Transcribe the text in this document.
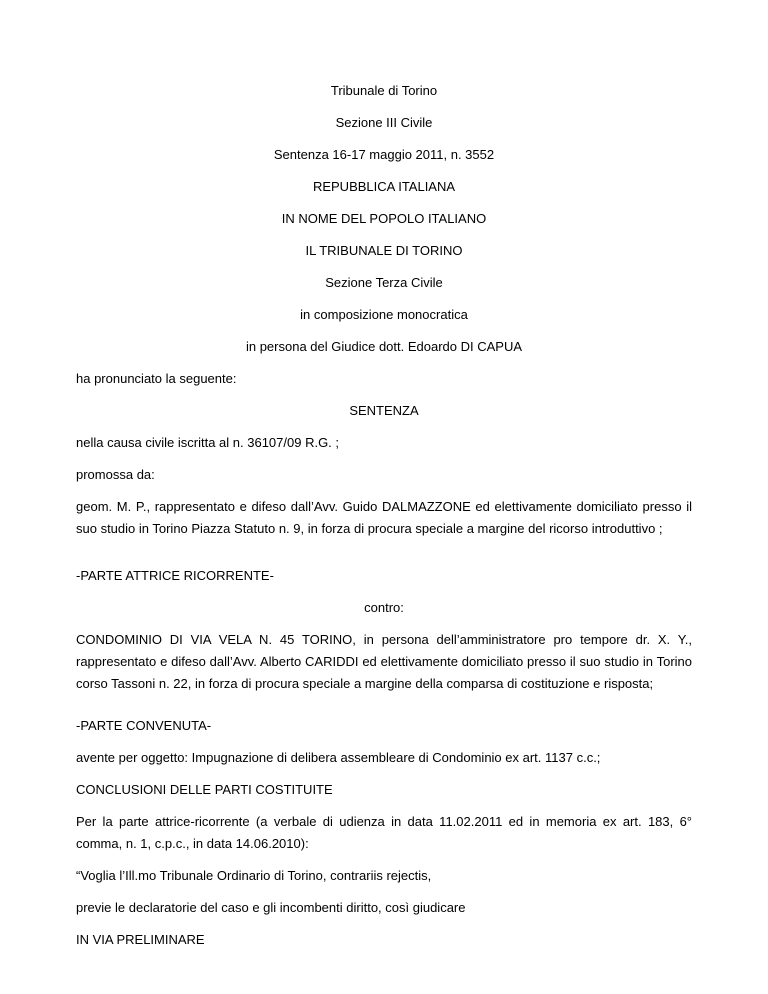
Tribunale di Torino
Sezione III Civile
Sentenza 16-17 maggio 2011, n. 3552
REPUBBLICA ITALIANA
IN NOME DEL POPOLO ITALIANO
IL TRIBUNALE DI TORINO
Sezione Terza Civile
in composizione monocratica
in persona del Giudice dott. Edoardo DI CAPUA
ha pronunciato la seguente:
SENTENZA
nella causa civile iscritta al n. 36107/09 R.G. ;
promossa da:
geom. M. P., rappresentato e difeso dall’Avv. Guido DALMAZZONE ed elettivamente domiciliato presso il suo studio in Torino Piazza Statuto n. 9, in forza di procura speciale a margine del ricorso introduttivo ;
-PARTE ATTRICE RICORRENTE-
contro:
CONDOMINIO DI VIA VELA N. 45 TORINO, in persona dell’amministratore pro tempore dr. X. Y., rappresentato e difeso dall’Avv. Alberto CARIDDI ed elettivamente domiciliato presso il suo studio in Torino corso Tassoni n. 22, in forza di procura speciale a margine della comparsa di costituzione e risposta;
-PARTE CONVENUTA-
avente per oggetto: Impugnazione di delibera assembleare di Condominio ex art. 1137 c.c.;
CONCLUSIONI DELLE PARTI COSTITUITE
Per la parte attrice-ricorrente (a verbale di udienza in data 11.02.2011 ed in memoria ex art. 183, 6° comma, n. 1, c.p.c., in data 14.06.2010):
“Voglia l’Ill.mo Tribunale Ordinario di Torino, contrariis rejectis,
previe le declaratorie del caso e gli incombenti diritto, così giudicare
IN VIA PRELIMINARE
